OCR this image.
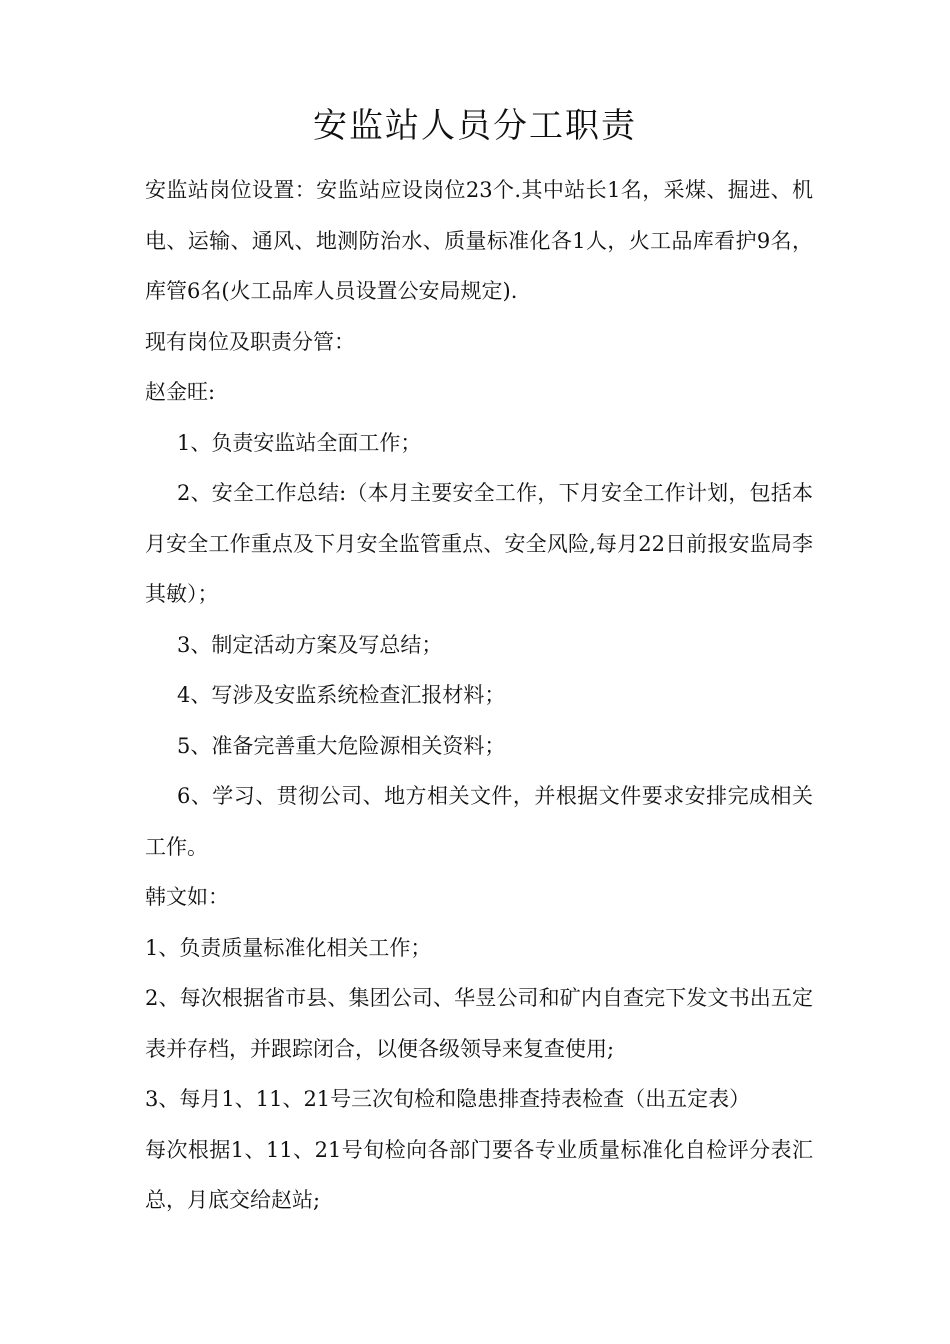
安监站人员分工职责

安监站岗位设置：安监站应设岗位23个.其中站长1名，采煤、掘进、机电、运输、通风、地测防治水、质量标准化各1人，火工品库看护9名，库管6名(火工品库人员设置公安局规定).

现有岗位及职责分管：

赵金旺:

1、负责安监站全面工作；

2、安全工作总结:（本月主要安全工作，下月安全工作计划，包括本月安全工作重点及下月安全监管重点、安全风险,每月22日前报安监局李其敏）；

3、制定活动方案及写总结；

4、写涉及安监系统检查汇报材料；

5、准备完善重大危险源相关资料；

6、学习、贯彻公司、地方相关文件，并根据文件要求安排完成相关工作。

韩文如：

1、负责质量标准化相关工作；

2、每次根据省市县、集团公司、华昱公司和矿内自查完下发文书出五定表并存档，并跟踪闭合，以便各级领导来复查使用;

3、每月1、11、21号三次旬检和隐患排查持表检查（出五定表）

每次根据1、11、21号旬检向各部门要各专业质量标准化自检评分表汇总，月底交给赵站;
